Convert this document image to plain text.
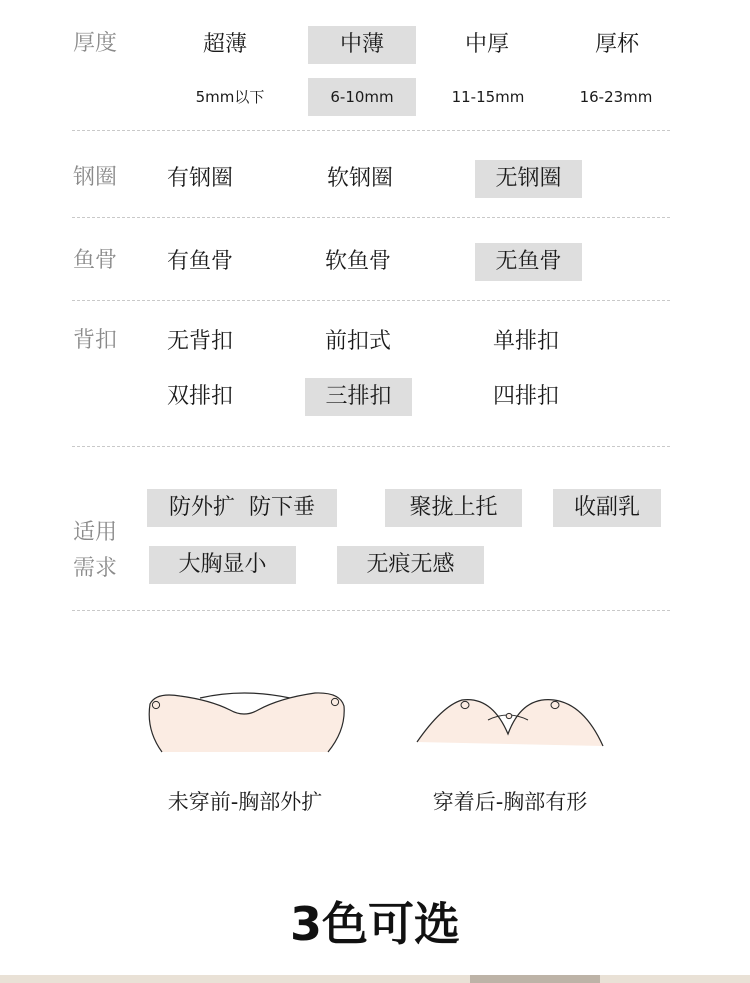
厚度	超薄	中薄	中厚	厚杯
5mm以下	6-10mm	11-15mm	16-23mm
钢圈	有钢圈	软钢圈	无钢圈
鱼骨	有鱼骨	软鱼骨	无鱼骨
背扣	无背扣	前扣式	单排扣
双排扣	三排扣	四排扣
适用
需求
防外扩  防下垂	聚拢上托	收副乳
大胸显小	无痕无感
未穿前-胸部外扩	穿着后-胸部有形
3色可选
